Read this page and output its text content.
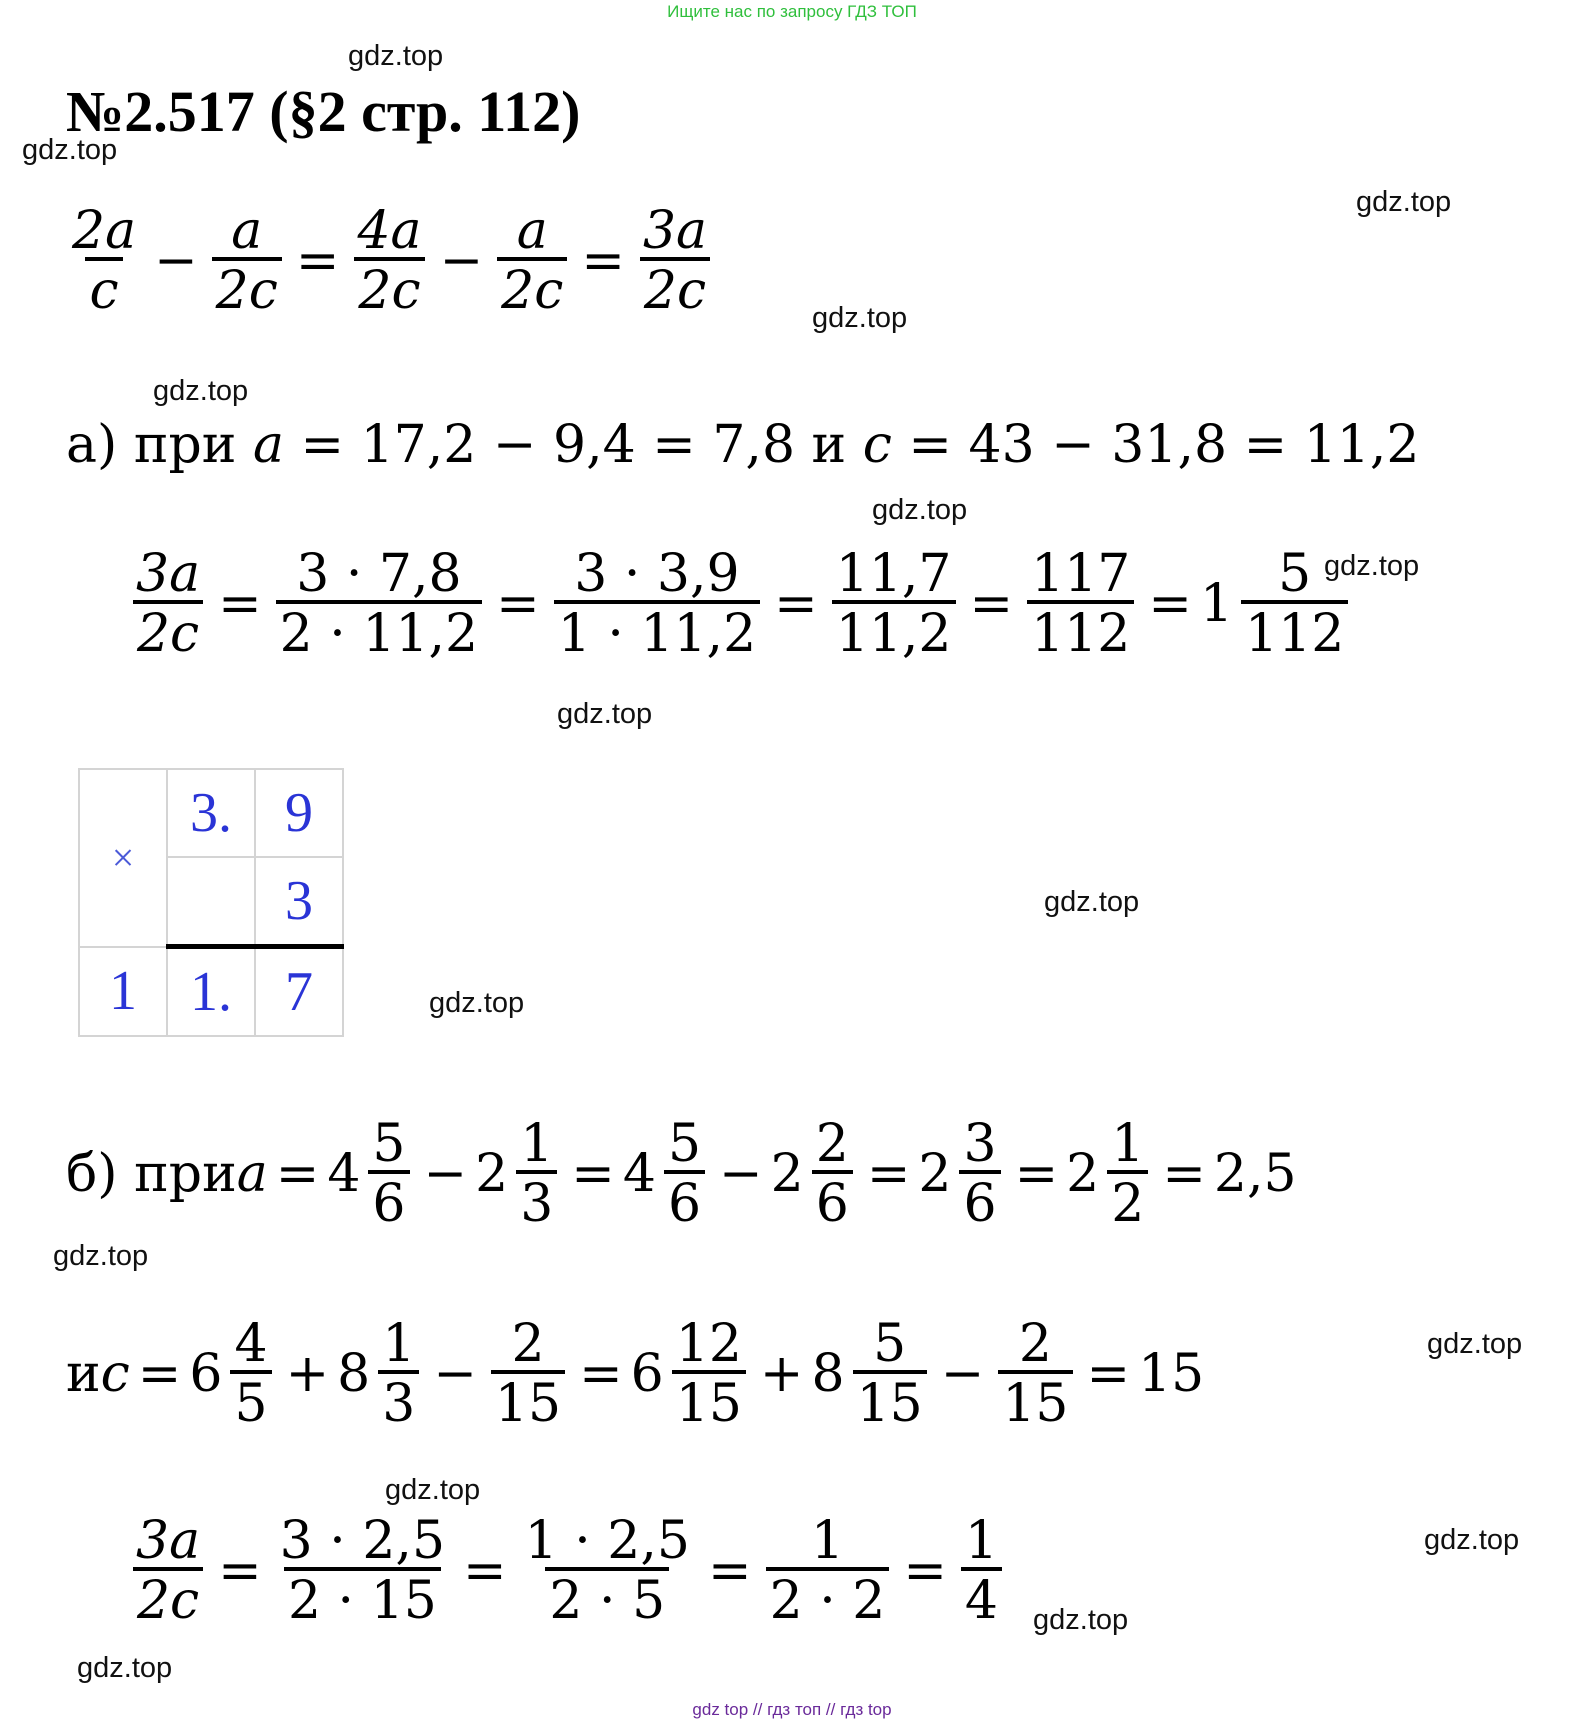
Ищите нас по запросу ГДЗ ТОП
gdz.top
gdz.top
gdz.top
gdz.top
gdz.top
gdz.top
gdz.top
gdz.top
gdz.top
gdz.top
gdz.top
gdz.top
gdz.top
gdz.top
gdz.top
gdz.top
№2.517 (§2 стр. 112)
$\frac{2a}{c} - \frac{a}{2c} = \frac{4a}{2c} - \frac{a}{2c} = \frac{3a}{2c}$
а) при a = 17,2 − 9,4 = 7,8 и c = 43 − 31,8 = 11,2
$\frac{3a}{2c} = \frac{3 \cdot 7,8}{2 \cdot 11,2} = \frac{3 \cdot 3,9}{1 \cdot 11,2} = \frac{11,7}{11,2} = \frac{117}{112} = 1 \frac{5}{112}$
×	3.	9
		3
1	1.	7
б) при $a = 4 \frac{5}{6} - 2 \frac{1}{3} = 4 \frac{5}{6} - 2 \frac{2}{6} = 2 \frac{3}{6} = 2 \frac{1}{2} = 2,5$
и $c = 6 \frac{4}{5} + 8 \frac{1}{3} - \frac{2}{15} = 6 \frac{12}{15} + 8 \frac{5}{15} - \frac{2}{15} = 15$
$\frac{3a}{2c} = \frac{3 \cdot 2,5}{2 \cdot 15} = \frac{1 \cdot 2,5}{2 \cdot 5} = \frac{1}{2 \cdot 2} = \frac{1}{4}$
gdz top // гдз топ // гдз top
